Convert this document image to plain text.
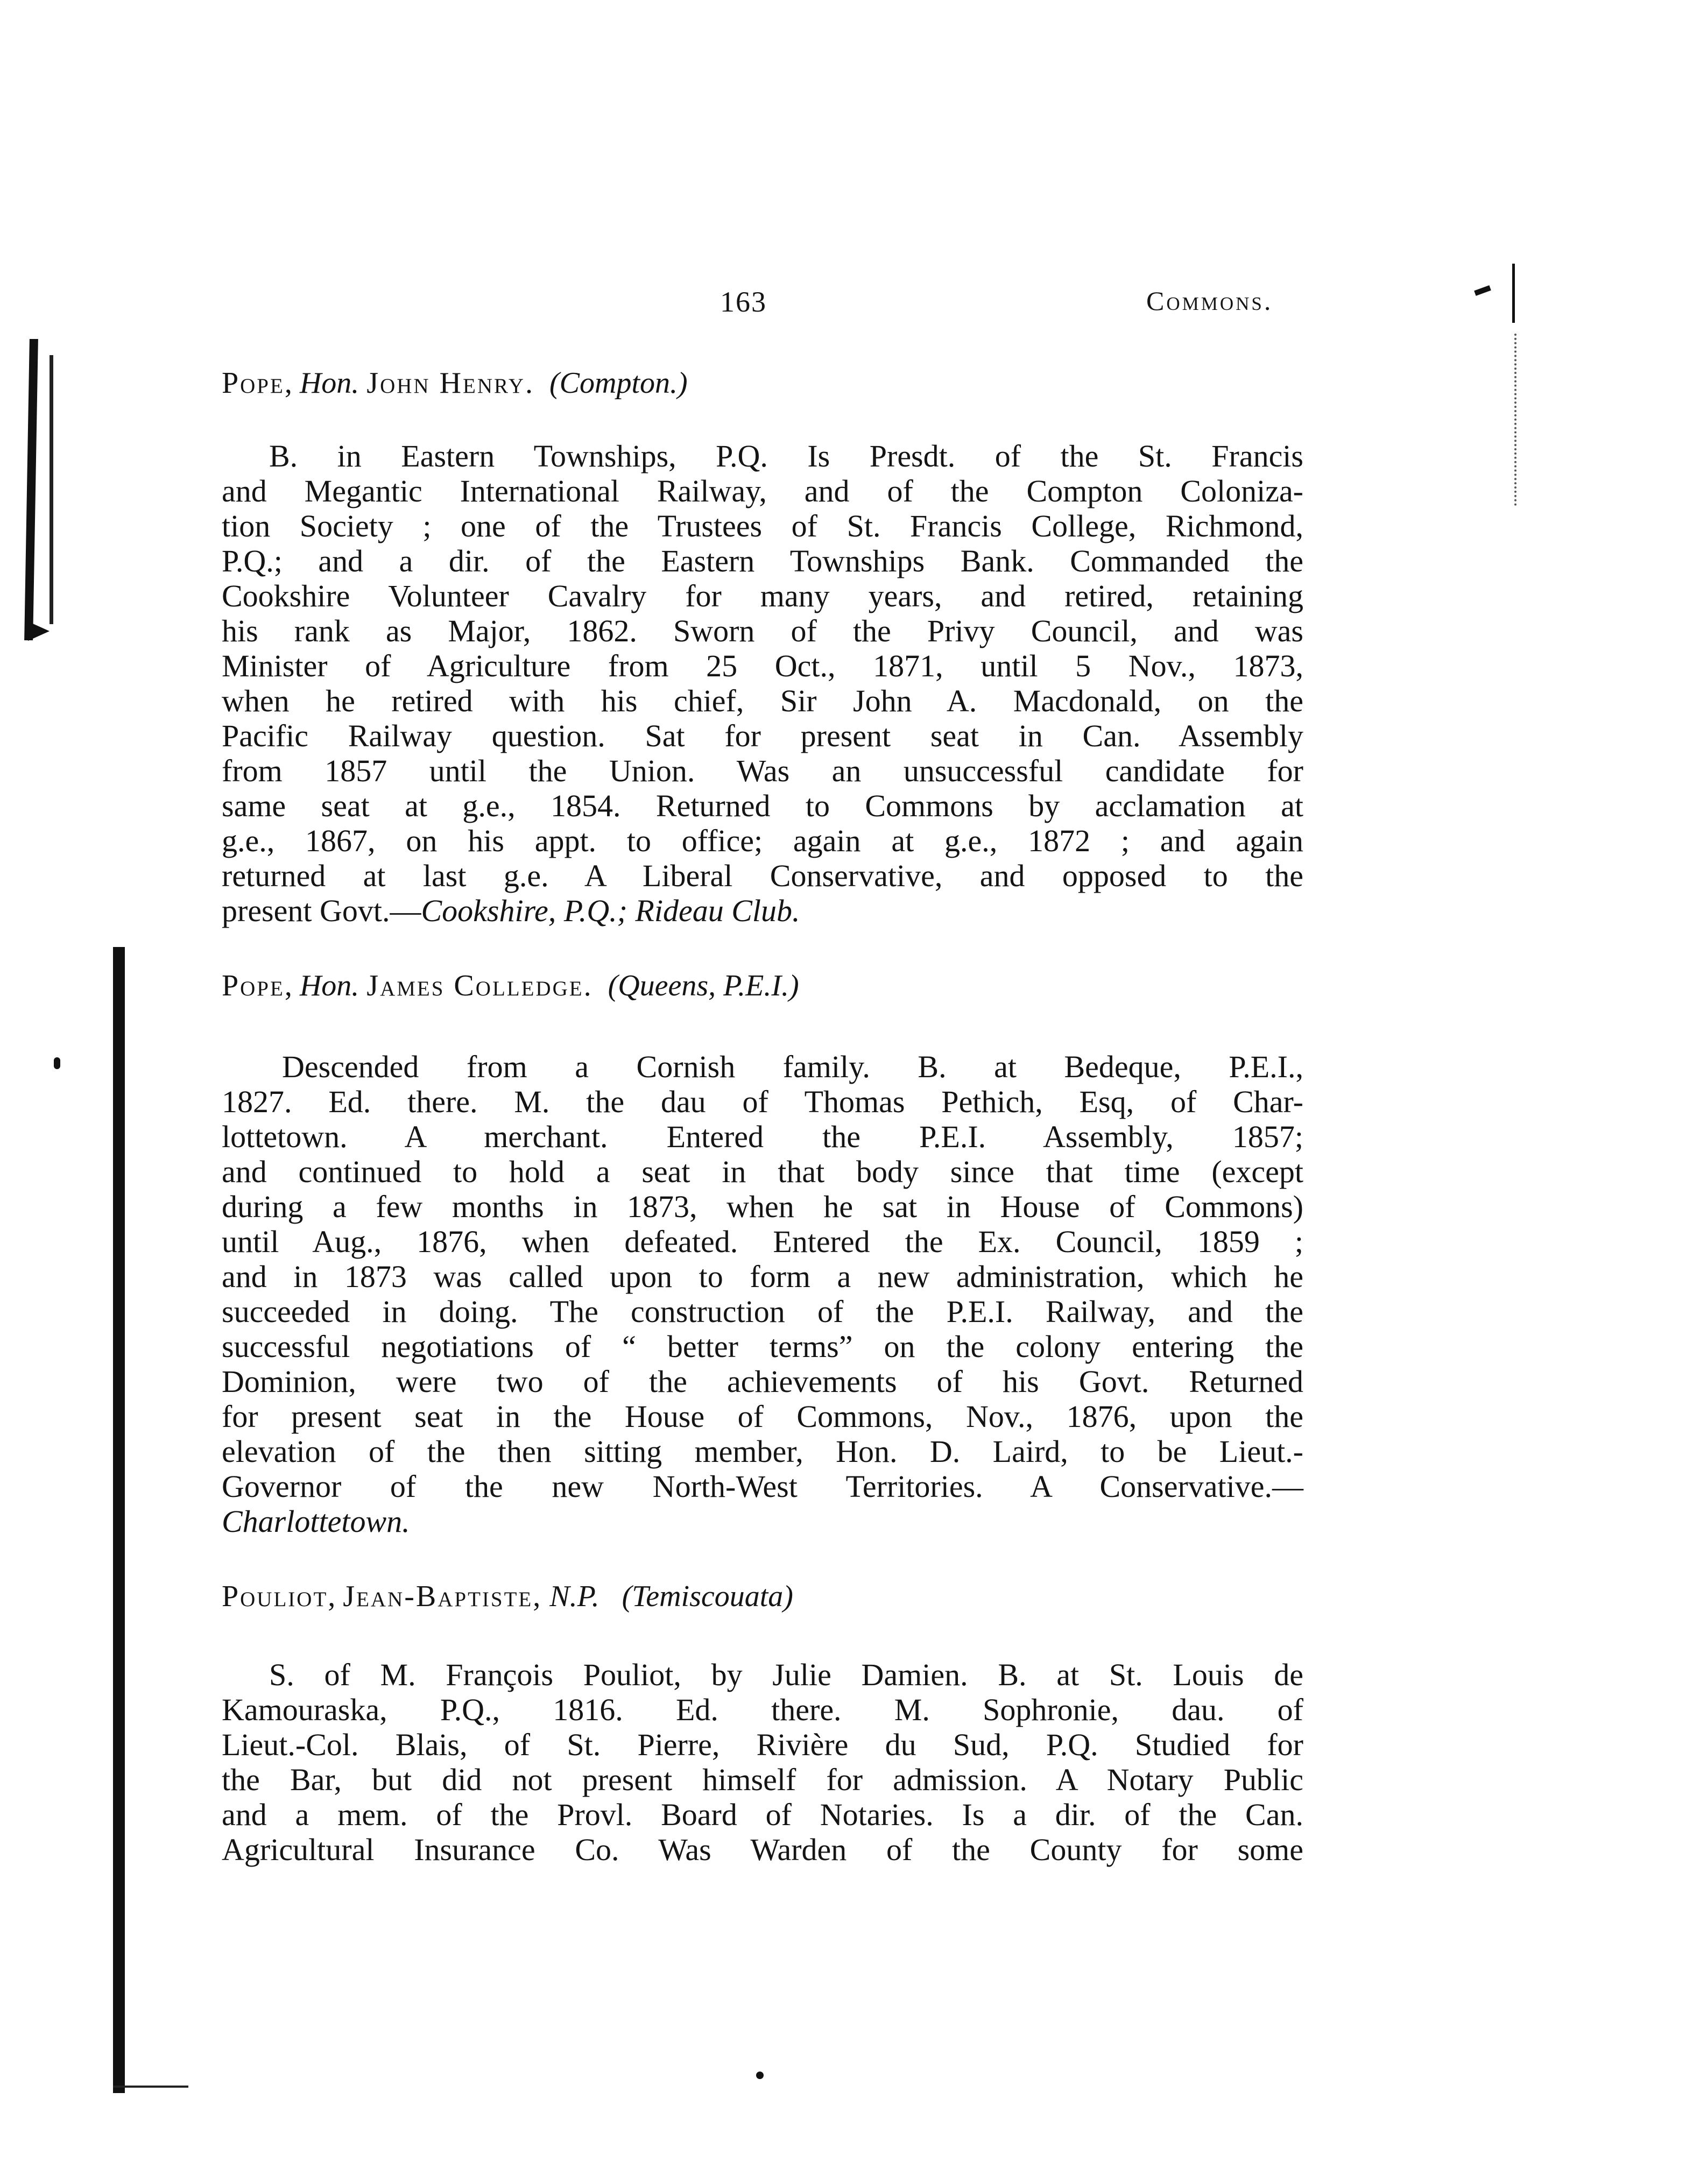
163	Commons.
Pope, Hon. John Henry. (Compton.)
B. in Eastern Townships, P.Q. Is Presdt. of the St. Francis
and Megantic International Railway, and of the Compton Coloniza-
tion Society ; one of the Trustees of St. Francis College, Richmond,
P.Q.; and a dir. of the Eastern Townships Bank. Commanded the
Cookshire Volunteer Cavalry for many years, and retired, retaining
his rank as Major, 1862. Sworn of the Privy Council, and was
Minister of Agriculture from 25 Oct., 1871, until 5 Nov., 1873,
when he retired with his chief, Sir John A. Macdonald, on the
Pacific Railway question. Sat for present seat in Can. Assembly
from 1857 until the Union. Was an unsuccessful candidate for
same seat at g.e., 1854. Returned to Commons by acclamation at
g.e., 1867, on his appt. to office; again at g.e., 1872 ; and again
returned at last g.e. A Liberal Conservative, and opposed to the
present Govt.—Cookshire, P.Q.; Rideau Club.
Pope, Hon. James Colledge. (Queens, P.E.I.)
Descended from a Cornish family. B. at Bedeque, P.E.I.,
1827. Ed. there. M. the dau of Thomas Pethich, Esq, of Char-
lottetown. A merchant. Entered the P.E.I. Assembly, 1857;
and continued to hold a seat in that body since that time (except
during a few months in 1873, when he sat in House of Commons)
until Aug., 1876, when defeated. Entered the Ex. Council, 1859 ;
and in 1873 was called upon to form a new administration, which he
succeeded in doing. The construction of the P.E.I. Railway, and the
successful negotiations of “ better terms” on the colony entering the
Dominion, were two of the achievements of his Govt. Returned
for present seat in the House of Commons, Nov., 1876, upon the
elevation of the then sitting member, Hon. D. Laird, to be Lieut.-
Governor of the new North-West Territories. A Conservative.—
Charlottetown.
Pouliot, Jean-Baptiste, N.P. (Temiscouata)
S. of M. François Pouliot, by Julie Damien. B. at St. Louis de
Kamouraska, P.Q., 1816. Ed. there. M. Sophronie, dau. of
Lieut.-Col. Blais, of St. Pierre, Rivière du Sud, P.Q. Studied for
the Bar, but did not present himself for admission. A Notary Public
and a mem. of the Provl. Board of Notaries. Is a dir. of the Can.
Agricultural Insurance Co. Was Warden of the County for some
